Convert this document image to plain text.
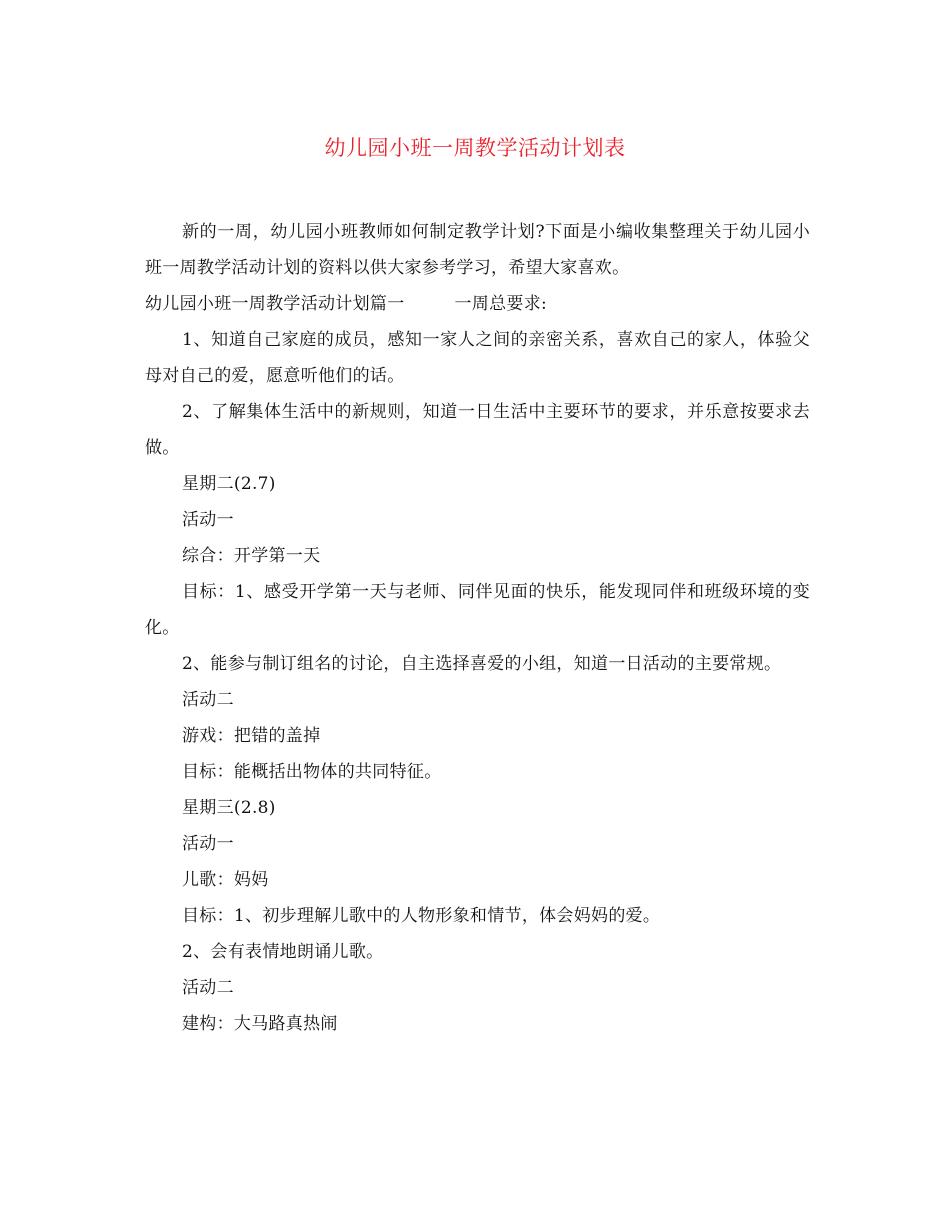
幼儿园小班一周教学活动计划表

新的一周，幼儿园小班教师如何制定教学计划?下面是小编收集整理关于幼儿园小班一周教学活动计划的资料以供大家参考学习，希望大家喜欢。

幼儿园小班一周教学活动计划篇一	一周总要求:

1、知道自己家庭的成员，感知一家人之间的亲密关系，喜欢自己的家人，体验父母对自己的爱，愿意听他们的话。

2、了解集体生活中的新规则，知道一日生活中主要环节的要求，并乐意按要求去做。

星期二(2.7)

活动一

综合：开学第一天

目标：1、感受开学第一天与老师、同伴见面的快乐，能发现同伴和班级环境的变化。

2、能参与制订组名的讨论，自主选择喜爱的小组，知道一日活动的主要常规。

活动二

游戏：把错的盖掉

目标：能概括出物体的共同特征。

星期三(2.8)

活动一

儿歌：妈妈

目标：1、初步理解儿歌中的人物形象和情节，体会妈妈的爱。

2、会有表情地朗诵儿歌。

活动二

建构：大马路真热闹
